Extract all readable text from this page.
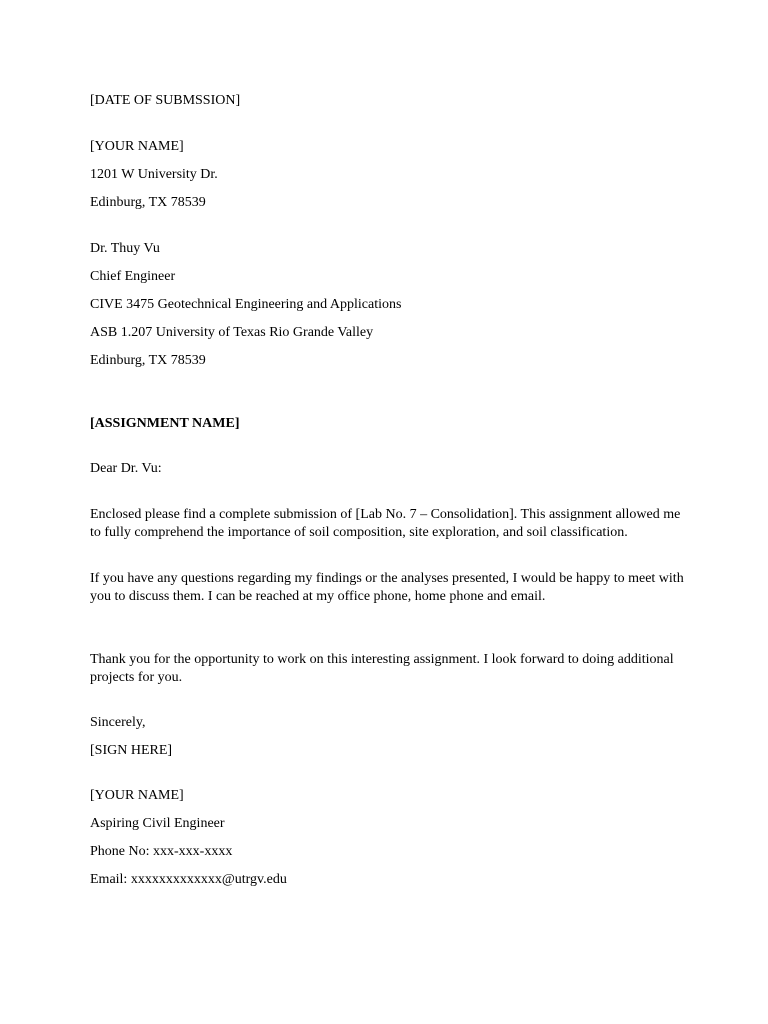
[DATE OF SUBMSSION]
[YOUR NAME]
1201 W University Dr.
Edinburg, TX 78539
Dr. Thuy Vu
Chief Engineer
CIVE 3475 Geotechnical Engineering and Applications
ASB 1.207 University of Texas Rio Grande Valley
Edinburg, TX 78539
[ASSIGNMENT NAME]
Dear Dr. Vu:
Enclosed please find a complete submission of [Lab No. 7 – Consolidation]. This assignment allowed me to fully comprehend the importance of soil composition, site exploration, and soil classification.
If you have any questions regarding my findings or the analyses presented, I would be happy to meet with you to discuss them. I can be reached at my office phone, home phone and email.
Thank you for the opportunity to work on this interesting assignment. I look forward to doing additional projects for you.
Sincerely,
[SIGN HERE]
[YOUR NAME]
Aspiring Civil Engineer
Phone No: xxx-xxx-xxxx
Email: xxxxxxxxxxxxx@utrgv.edu
